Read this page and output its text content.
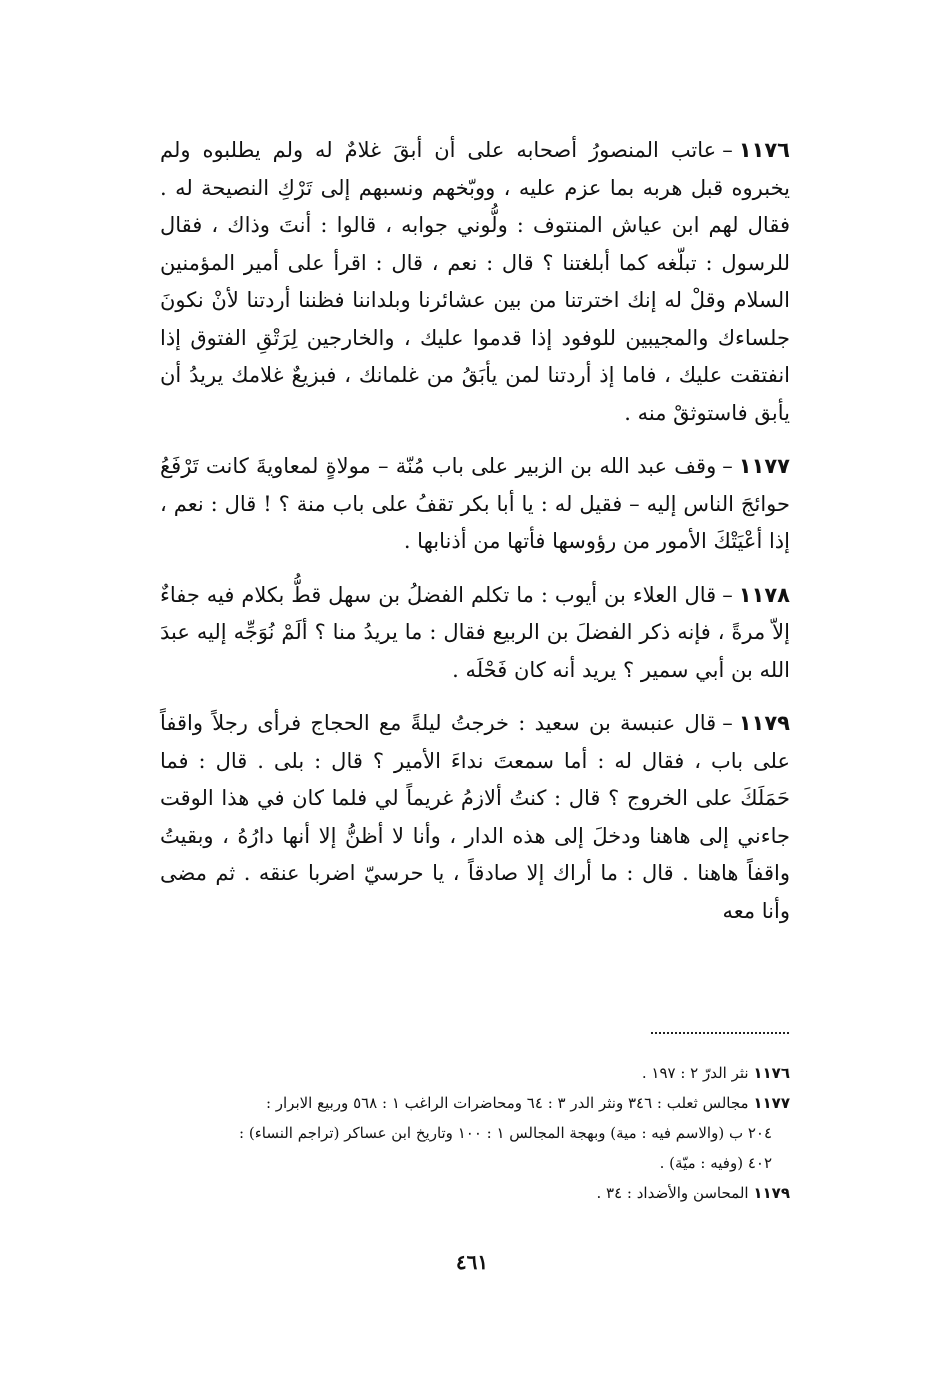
١١٧٦–عاتب المنصورُ أصحابه على أن أبقَ غلامٌ له ولم يطلبوه ولم يخبروه قبل هربه بما عزم عليه ، ووبّخهم ونسبهم إلى تَرْكِ النصيحة له . فقال لهم ابن عياش المنتوف : ولُّوني جوابه ، قالوا : أنتَ وذاك ، فقال للرسول : تبلّغه كما أبلغتنا ؟ قال : نعم ، قال : اقرأ على أمير المؤمنين السلام وقلْ له إنك اخترتنا من بين عشائرنا وبلداننا فظننا أردتنا لأنْ نكونَ جلساءك والمجيبين للوفود إذا قدموا عليك ، والخارجين لِرَتْقِ الفتوق إذا انفتقت عليك ، فاما إذ أردتنا لمن يأبَقُ من غلمانك ، فبزيعٌ غلامك يريدُ أن يأبق فاستوثقْ منه .

١١٧٧–وقف عبد الله بن الزبير على باب مُنّة – مولاةٍ لمعاويةَ كانت تَرْفَعُ حوائجَ الناس إليه – فقيل له : يا أبا بكر تقفُ على باب منة ؟ ! قال : نعم ، إذا أعْيَتْكَ الأمور من رؤوسها فأتها من أذنابها .

١١٧٨–قال العلاء بن أيوب : ما تكلم الفضلُ بن سهل قطُّ بكلام فيه جفاءٌ إلاّ مرةً ، فإنه ذكر الفضلَ بن الربيع فقال : ما يريدُ منا ؟ ألَمْ نُوَجِّه إليه عبدَ الله بن أبي سمير ؟ يريد أنه كان فَحْلَه .

١١٧٩–قال عنبسة بن سعيد : خرجتُ ليلةً مع الحجاج فرأى رجلاً واقفاً على باب ، فقال له : أما سمعتَ نداءَ الأمير ؟ قال : بلى . قال : فما حَمَلَكَ على الخروج ؟ قال : كنتُ ألازمُ غريماً لي فلما كان في هذا الوقت جاءني إلى هاهنا ودخلَ إلى هذه الدار ، وأنا لا أظنُّ إلا أنها دارُهُ ، وبقيتُ واقفاً هاهنا . قال : ما أراك إلا صادقاً ، يا حرسيّ اضربا عنقه . ثم مضى وأنا معه

١١٧٦ نثر الدرّ ٢ : ١٩٧ .

١١٧٧ مجالس ثعلب : ٣٤٦ ونثر الدر ٣ : ٦٤ ومحاضرات الراغب ١ : ٥٦٨ وربيع الابرار :

٢٠٤ ب (والاسم فيه : مية) وبهجة المجالس ١ : ١٠٠ وتاريخ ابن عساكر (تراجم النساء) :

٤٠٢ (وفيه : ميّة) .

١١٧٩ المحاسن والأضداد : ٣٤ .

٤٦١
